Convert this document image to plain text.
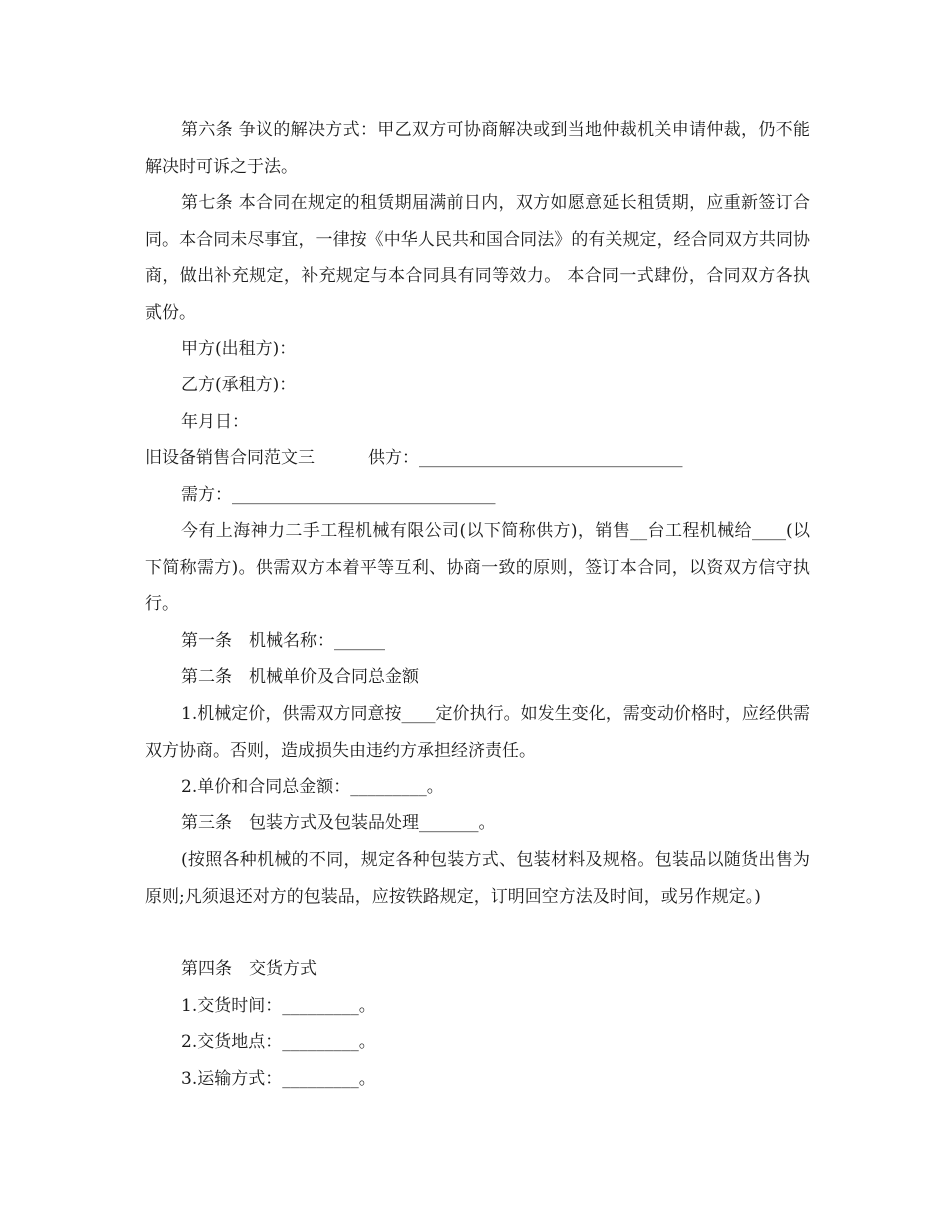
第六条 争议的解决方式：甲乙双方可协商解决或到当地仲裁机关申请仲裁，仍不能解决时可诉之于法。

第七条 本合同在规定的租赁期届满前日内，双方如愿意延长租赁期，应重新签订合同。本合同未尽事宜，一律按《中华人民共和国合同法》的有关规定，经合同双方共同协商，做出补充规定，补充规定与本合同具有同等效力。 本合同一式肆份，合同双方各执贰份。

甲方(出租方)：

乙方(承租方)：

年月日：

旧设备销售合同范文三	供方：_______________________________

需方：_______________________________

今有上海神力二手工程机械有限公司(以下简称供方)，销售__台工程机械给____(以下简称需方)。供需双方本着平等互利、协商一致的原则，签订本合同，以资双方信守执行。

第一条　机械名称：______

第二条　机械单价及合同总金额

1.机械定价，供需双方同意按____定价执行。如发生变化，需变动价格时，应经供需双方协商。否则，造成损失由违约方承担经济责任。

2.单价和合同总金额：_________。

第三条　包装方式及包装品处理_______。

(按照各种机械的不同，规定各种包装方式、包装材料及规格。包装品以随货出售为原则;凡须退还对方的包装品，应按铁路规定，订明回空方法及时间，或另作规定。)

第四条　交货方式

1.交货时间：_________。

2.交货地点：_________。

3.运输方式：_________。
